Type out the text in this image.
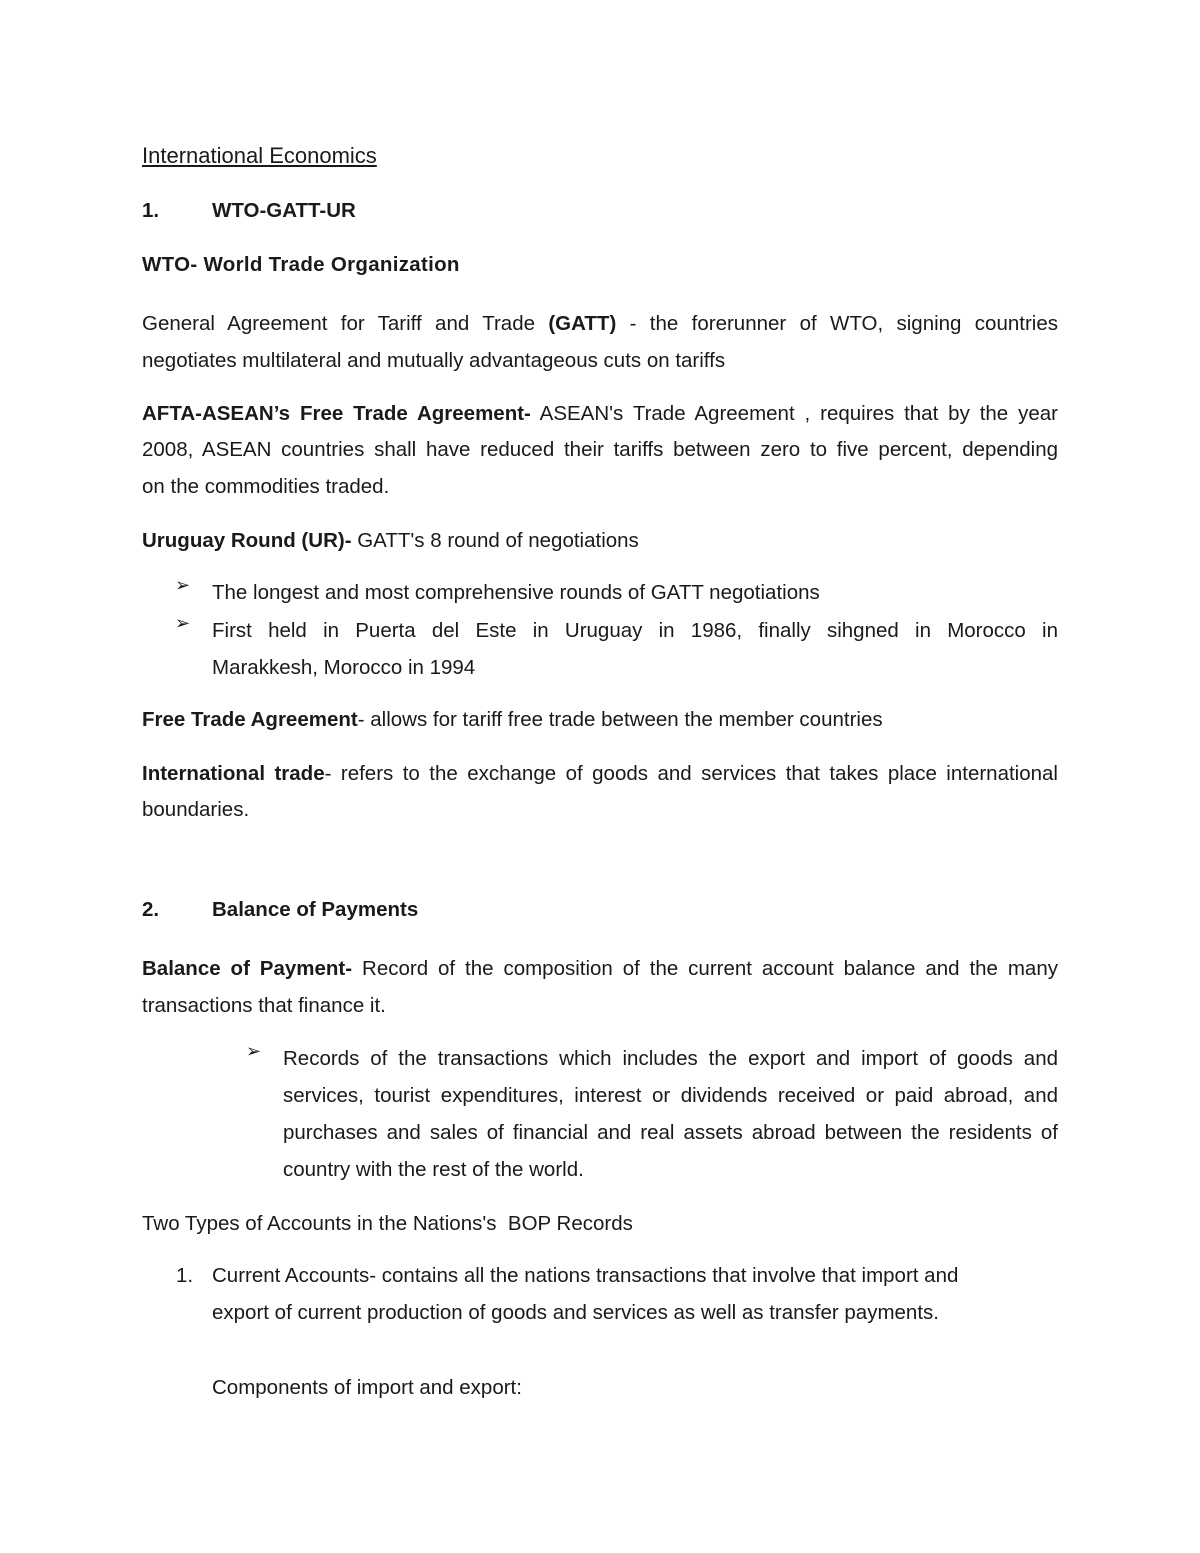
International Economics
1.	WTO-GATT-UR
WTO- World Trade Organization
General Agreement for Tariff and Trade (GATT) - the forerunner of WTO, signing countries
negotiates multilateral and mutually advantageous cuts on tariffs
AFTA-ASEAN’s Free Trade Agreement- ASEAN's Trade Agreement , requires that by the year
2008, ASEAN countries shall have reduced their tariffs between zero to five percent, depending
on the commodities traded.
Uruguay Round (UR)- GATT's 8 round of negotiations
➢ The longest and most comprehensive rounds of GATT negotiations
➢ First held in Puerta del Este in Uruguay in 1986, finally sihgned in Morocco in
Marakkesh, Morocco in 1994
Free Trade Agreement- allows for tariff free trade between the member countries
International trade- refers to the exchange of goods and services that takes place international
boundaries.
2.	Balance of Payments
Balance of Payment- Record of the composition of the current account balance and the many
transactions that finance it.
➢ Records of the transactions which includes the export and import of goods and
services, tourist expenditures, interest or dividends received or paid abroad, and
purchases and sales of financial and real assets abroad between the residents of
country with the rest of the world.
Two Types of Accounts in the Nations's  BOP Records
1. Current Accounts- contains all the nations transactions that involve that import and
export of current production of goods and services as well as transfer payments.
Components of import and export:
